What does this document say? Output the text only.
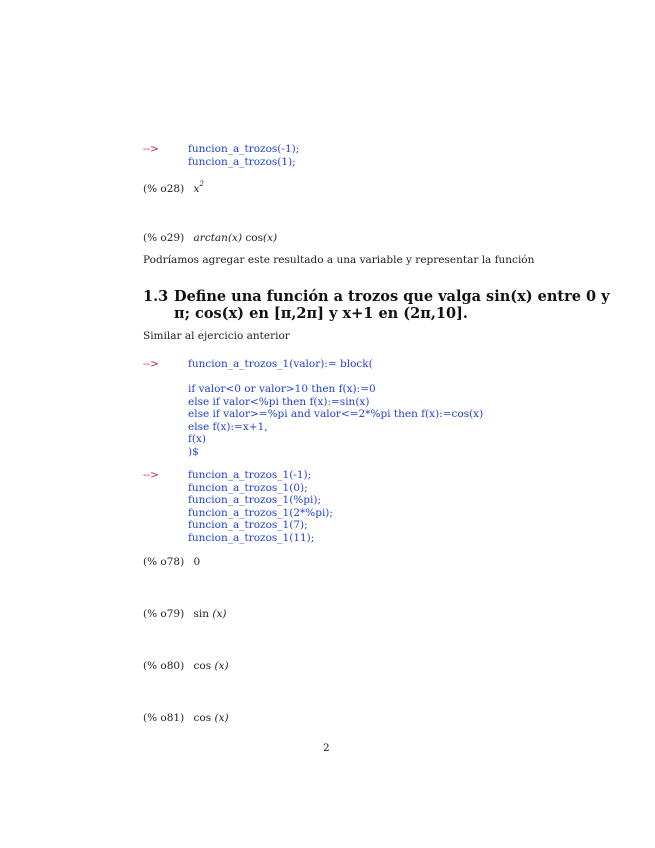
-->	funcion_a_trozos(-1);
funcion_a_trozos(1);
(% o28) $x^2$
(% o29) arctan(x) cos(x)
Podríamos agregar este resultado a una variable y representar la función
1.3 Define una función a trozos que valga sin(x) entre 0 y
π; cos(x) en [π,2π] y x+1 en (2π,10].
Similar al ejercicio anterior
-->	funcion_a_trozos_1(valor):= block(
if valor<0 or valor>10 then f(x):=0
else if valor<%pi then f(x):=sin(x)
else if valor>=%pi and valor<=2*%pi then f(x):=cos(x)
else f(x):=x+1,
f(x)
)$
-->	funcion_a_trozos_1(-1);
funcion_a_trozos_1(0);
funcion_a_trozos_1(%pi);
funcion_a_trozos_1(2*%pi);
funcion_a_trozos_1(7);
funcion_a_trozos_1(11);
(% o78) 0
(% o79) sin (x)
(% o80) cos (x)
(% o81) cos (x)
2
